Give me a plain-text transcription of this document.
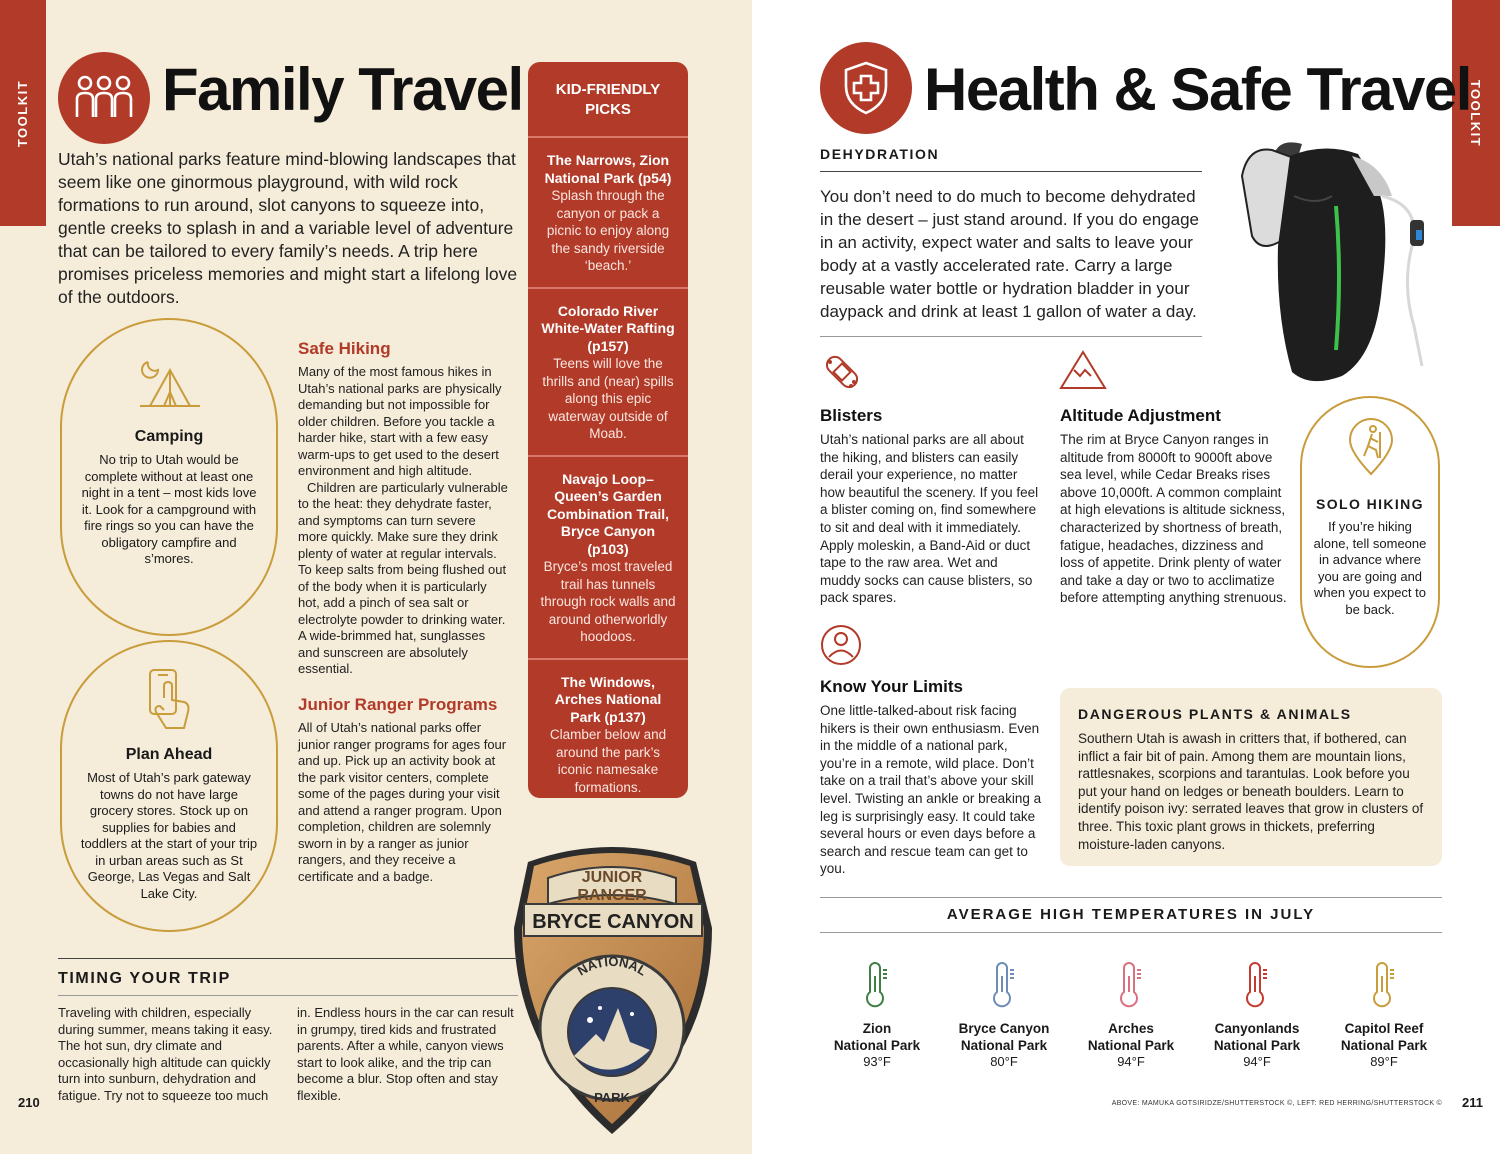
TOOLKIT Family Travel

Utah’s national parks feature mind-blowing landscapes that seem like one ginormous playground, with wild rock formations to run around, slot canyons to squeeze into, gentle creeks to splash in and a variable level of adventure that can be tailored to every family’s needs. A trip here promises priceless memories and might start a lifelong love of the outdoors.

Camping

No trip to Utah would be complete without at least one night in a tent – most kids love it. Look for a campground with fire rings so you can have the obligatory campfire and s’mores.

Plan Ahead

Most of Utah’s park gateway towns do not have large grocery stores. Stock up on supplies for babies and toddlers at the start of your trip in urban areas such as St George, Las Vegas and Salt Lake City.

Safe Hiking

Many of the most famous hikes in Utah’s national parks are physically demanding but not impossible for older children. Before you tackle a harder hike, start with a few easy warm-ups to get used to the desert environment and high altitude.

Children are particularly vulnerable to the heat: they dehydrate faster, and symptoms can turn severe more quickly. Make sure they drink plenty of water at regular intervals. To keep salts from being flushed out of the body when it is particularly hot, add a pinch of sea salt or electrolyte powder to drinking water. A wide-brimmed hat, sunglasses and sunscreen are absolutely essential.

Junior Ranger Programs

All of Utah’s national parks offer junior ranger programs for ages four and up. Pick up an activity book at the park visitor centers, complete some of the pages during your visit and attend a ranger program. Upon completion, children are solemnly sworn in by a ranger as junior rangers, and they receive a certificate and a badge.

KID-FRIENDLY PICKS
The Narrows, Zion National Park (p54)
Splash through the canyon or pack a picnic to enjoy along the sandy riverside ‘beach.’
Colorado River White-Water Rafting (p157)
Teens will love the thrills and (near) spills along this epic waterway outside of Moab.
Navajo Loop–Queen’s Garden Combination Trail, Bryce Canyon (p103)
Bryce’s most traveled trail has tunnels through rock walls and around otherworldly hoodoos.
The Windows, Arches National Park (p137)
Clamber below and around the park’s iconic namesake formations.
JUNIOR
RANGER
BRYCE CANYON
NATIONAL
PARK
TIMING YOUR TRIP

Traveling with children, especially during summer, means taking it easy. The hot sun, dry climate and occasionally high altitude can quickly turn into sunburn, dehydration and fatigue. Try not to squeeze too much

in. Endless hours in the car can result in grumpy, tired kids and frustrated parents. After a while, canyon views start to look alike, and the trip can become a blur. Stop often and stay flexible.

210
TOOLKIT
Health & Safe Travel
DEHYDRATION

You don’t need to do much to become dehydrated in the desert – just stand around. If you do engage in an activity, expect water and salts to leave your body at a vastly accelerated rate. Carry a large reusable water bottle or hydration bladder in your daypack and drink at least 1 gallon of water a day.

Blisters

Utah’s national parks are all about the hiking, and blisters can easily derail your experience, no matter how beautiful the scenery. If you feel a blister coming on, find somewhere to sit and deal with it immediately. Apply moleskin, a Band-Aid or duct tape to the raw area. Wet and muddy socks can cause blisters, so pack spares.

Altitude Adjustment

The rim at Bryce Canyon ranges in altitude from 8000ft to 9000ft above sea level, while Cedar Breaks rises above 10,000ft. A common complaint at high elevations is altitude sickness, characterized by shortness of breath, fatigue, headaches, dizziness and loss of appetite. Drink plenty of water and take a day or two to acclimatize before attempting anything strenuous.

SOLO HIKING

If you’re hiking alone, tell someone in advance where you are going and when you expect to be back.

Know Your Limits

One little-talked-about risk facing hikers is their own enthusiasm. Even in the middle of a national park, you’re in a remote, wild place. Don’t take on a trail that’s above your skill level. Twisting an ankle or breaking a leg is surprisingly easy. It could take several hours or even days before a search and rescue team can get to you.

DANGEROUS PLANTS & ANIMALS

Southern Utah is awash in critters that, if bothered, can inflict a fair bit of pain. Among them are mountain lions, rattlesnakes, scorpions and tarantulas. Look before you put your hand on ledges or beneath boulders. Learn to identify poison ivy: serrated leaves that grow in clusters of three. This toxic plant grows in thickets, preferring moisture-laden canyons.

AVERAGE HIGH TEMPERATURES IN JULY

Zion

National Park

93°F

Bryce Canyon

National Park

80°F

Arches

National Park

94°F

Canyonlands

National Park

94°F

Capitol Reef

National Park

89°F
ABOVE: MAMUKA GOTSIRIDZE/SHUTTERSTOCK ©, LEFT: RED HERRING/SHUTTERSTOCK © 211
